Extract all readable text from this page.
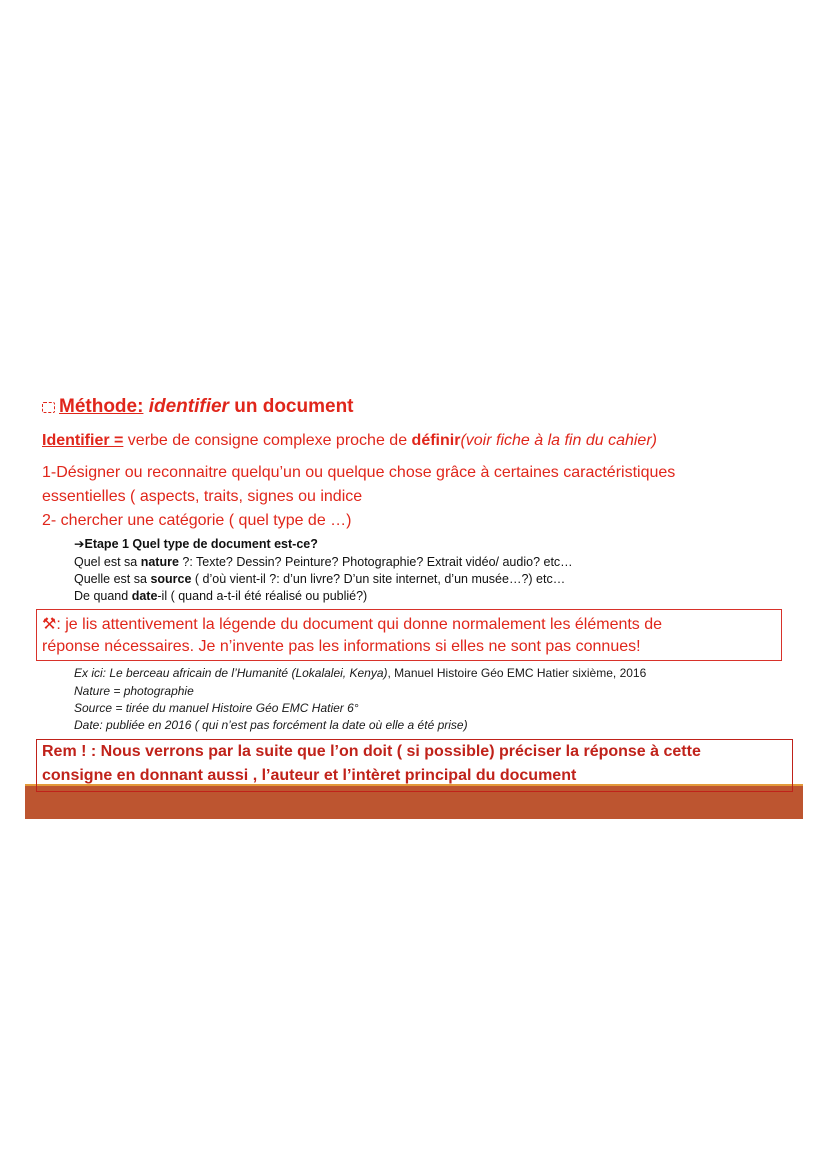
Méthode: identifier un document
Identifier = verbe de consigne complexe proche de définir(voir fiche à la fin du cahier)
1-Désigner ou reconnaitre quelqu’un ou quelque chose grâce à certaines caractéristiques
essentielles ( aspects, traits, signes ou indice
2- chercher une catégorie ( quel type de …)
➔Etape 1 Quel type de document est-ce?
Quel est sa nature ?: Texte? Dessin? Peinture? Photographie? Extrait vidéo/ audio? etc…
Quelle est sa source ( d’où vient-il ?: d’un livre? D’un site internet, d’un musée…?) etc…
De quand date-il ( quand a-t-il été réalisé ou publié?)
⚒: je lis attentivement la légende du document qui donne normalement les éléments de
réponse nécessaires. Je n’invente pas les informations si elles ne sont pas connues!
Ex ici: Le berceau africain de l’Humanité (Lokalalei, Kenya), Manuel Histoire Géo EMC Hatier sixième, 2016
Nature = photographie
Source = tirée du manuel Histoire Géo EMC Hatier 6°
Date: publiée en 2016 ( qui n’est pas forcément la date où elle a été prise)
Rem ! : Nous verrons par la suite que l’on doit ( si possible) préciser la réponse à cette
consigne en donnant aussi , l’auteur et l’intèret principal du document
